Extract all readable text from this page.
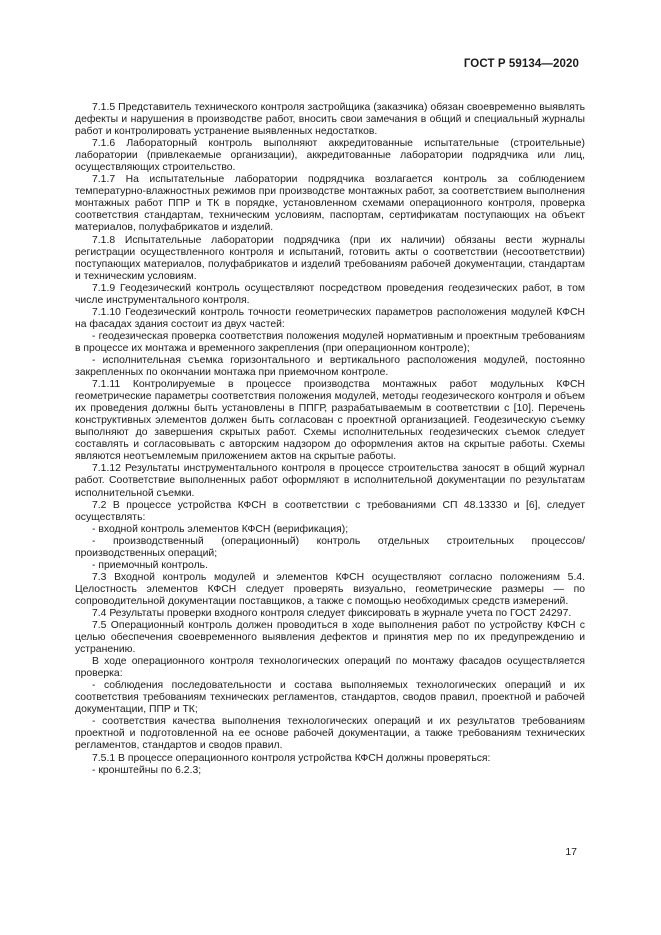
ГОСТ Р 59134—2020

7.1.5 Представитель технического контроля застройщика (заказчика) обязан своевременно выявлять дефекты и нарушения в производстве работ, вносить свои замечания в общий и специальный журналы работ и контролировать устранение выявленных недостатков.

7.1.6 Лабораторный контроль выполняют аккредитованные испытательные (строительные) лаборатории (привлекаемые организации), аккредитованные лаборатории подрядчика или лиц, осуществляющих строительство.

7.1.7 На испытательные лаборатории подрядчика возлагается контроль за соблюдением температурно-влажностных режимов при производстве монтажных работ, за соответствием выполнения монтажных работ ППР и ТК в порядке, установленном схемами операционного контроля, проверка соответствия стандартам, техническим условиям, паспортам, сертификатам поступающих на объект материалов, полуфабрикатов и изделий.

7.1.8 Испытательные лаборатории подрядчика (при их наличии) обязаны вести журналы регистрации осуществленного контроля и испытаний, готовить акты о соответствии (несоответствии) поступающих материалов, полуфабрикатов и изделий требованиям рабочей документации, стандартам и техническим условиям.

7.1.9 Геодезический контроль осуществляют посредством проведения геодезических работ, в том числе инструментального контроля.

7.1.10 Геодезический контроль точности геометрических параметров расположения модулей КФСН на фасадах здания состоит из двух частей:

- геодезическая проверка соответствия положения модулей нормативным и проектным требованиям в процессе их монтажа и временного закрепления (при операционном контроле);

- исполнительная съемка горизонтального и вертикального расположения модулей, постоянно закрепленных по окончании монтажа при приемочном контроле.

7.1.11 Контролируемые в процессе производства монтажных работ модульных КФСН геометрические параметры соответствия положения модулей, методы геодезического контроля и объем их проведения должны быть установлены в ППГР, разрабатываемым в соответствии с [10]. Перечень конструктивных элементов должен быть согласован с проектной организацией. Геодезическую съемку выполняют до завершения скрытых работ. Схемы исполнительных геодезических съемок следует составлять и согласовывать с авторским надзором до оформления актов на скрытые работы. Схемы являются неотъемлемым приложением актов на скрытые работы.

7.1.12 Результаты инструментального контроля в процессе строительства заносят в общий журнал работ. Соответствие выполненных работ оформляют в исполнительной документации по результатам исполнительной съемки.

7.2 В процессе устройства КФСН в соответствии с требованиями СП 48.13330 и [6], следует осуществлять:

- входной контроль элементов КФСН (верификация);

- производственный (операционный) контроль отдельных строительных процессов/производственных операций;

- приемочный контроль.

7.3 Входной контроль модулей и элементов КФСН осуществляют согласно положениям 5.4. Целостность элементов КФСН следует проверять визуально, геометрические размеры — по сопроводительной документации поставщиков, а также с помощью необходимых средств измерений.

7.4 Результаты проверки входного контроля следует фиксировать в журнале учета по ГОСТ 24297.

7.5 Операционный контроль должен проводиться в ходе выполнения работ по устройству КФСН с целью обеспечения своевременного выявления дефектов и принятия мер по их предупреждению и устранению.

В ходе операционного контроля технологических операций по монтажу фасадов осуществляется проверка:

- соблюдения последовательности и состава выполняемых технологических операций и их соответствия требованиям технических регламентов, стандартов, сводов правил, проектной и рабочей документации, ППР и ТК;

- соответствия качества выполнения технологических операций и их результатов требованиям проектной и подготовленной на ее основе рабочей документации, а также требованиям технических регламентов, стандартов и сводов правил.

7.5.1 В процессе операционного контроля устройства КФСН должны проверяться:

- кронштейны по 6.2.3;

17
